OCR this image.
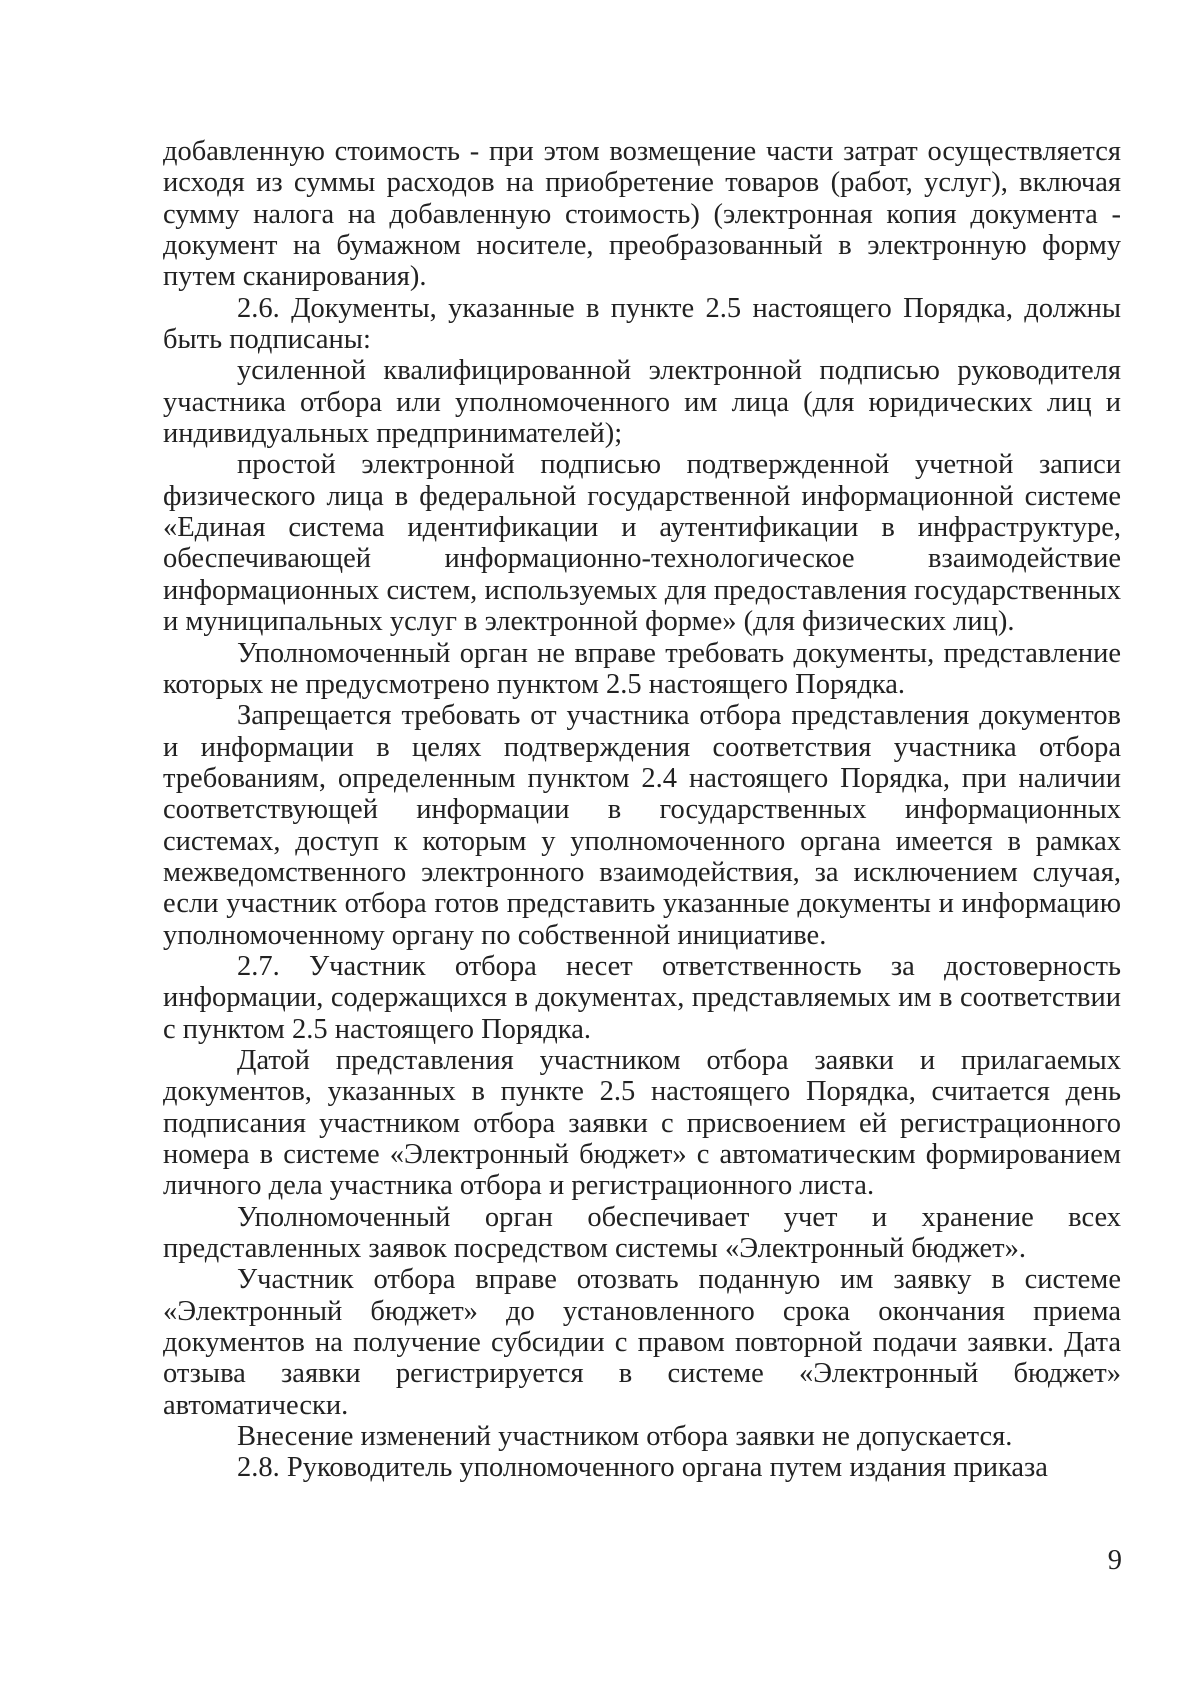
добавленную стоимость - при этом возмещение части затрат осуществляется исходя из суммы расходов на приобретение товаров (работ, услуг), включая сумму налога на добавленную стоимость) (электронная копия документа - документ на бумажном носителе, преобразованный в электронную форму путем сканирования).

2.6. Документы, указанные в пункте 2.5 настоящего Порядка, должны быть подписаны:

усиленной квалифицированной электронной подписью руководителя участника отбора или уполномоченного им лица (для юридических лиц и индивидуальных предпринимателей);

простой электронной подписью подтвержденной учетной записи физического лица в федеральной государственной информационной системе «Единая система идентификации и аутентификации в инфраструктуре, обеспечивающей информационно-технологическое взаимодействие информационных систем, используемых для предоставления государственных и муниципальных услуг в электронной форме» (для физических лиц).

Уполномоченный орган не вправе требовать документы, представление которых не предусмотрено пунктом 2.5 настоящего Порядка.

Запрещается требовать от участника отбора представления документов и информации в целях подтверждения соответствия участника отбора требованиям, определенным пунктом 2.4 настоящего Порядка, при наличии соответствующей информации в государственных информационных системах, доступ к которым у уполномоченного органа имеется в рамках межведомственного электронного взаимодействия, за исключением случая, если участник отбора готов представить указанные документы и информацию уполномоченному органу по собственной инициативе.

2.7. Участник отбора несет ответственность за достоверность информации, содержащихся в документах, представляемых им в соответствии с пунктом 2.5 настоящего Порядка.

Датой представления участником отбора заявки и прилагаемых документов, указанных в пункте 2.5 настоящего Порядка, считается день подписания участником отбора заявки с присвоением ей регистрационного номера в системе «Электронный бюджет» с автоматическим формированием личного дела участника отбора и регистрационного листа.

Уполномоченный орган обеспечивает учет и хранение всех представленных заявок посредством системы «Электронный бюджет».

Участник отбора вправе отозвать поданную им заявку в системе «Электронный бюджет» до установленного срока окончания приема документов на получение субсидии с правом повторной подачи заявки. Дата отзыва заявки регистрируется в системе «Электронный бюджет» автоматически.

Внесение изменений участником отбора заявки не допускается.

2.8. Руководитель уполномоченного органа путем издания приказа

9
